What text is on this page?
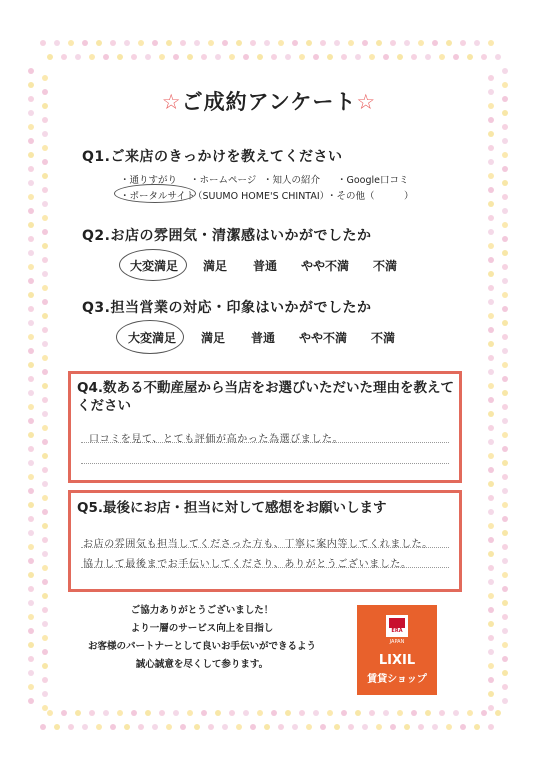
☆ご成約アンケート☆
Q1.ご来店のきっかけを教えてください
・通りすがり ・ホームページ ・知人の紹介 ・Google口コミ
・ポータルサイト
（SUUMO HOME'S CHINTAI）
・その他（	）
Q2.お店の雰囲気・清潔感はいかがでしたか
大変満足 満足 普通 やや不満 不満
Q3.担当営業の対応・印象はいかがでしたか
大変満足 満足 普通 やや不満 不満
Q4.数ある不動産屋から当店をお選びいただいた理由を教えて
ください
口コミを見て、とても評価が高かった為選びました。
Q5.最後にお店・担当に対して感想をお願いします
お店の雰囲気も担当してくださった方も、丁寧に案内等してくれました。
協力して最後までお手伝いしてくださり、ありがとうございました。
ご協力ありがとうございました！
より一層のサービス向上を目指し
お客様のパートナーとして良いお手伝いができるよう
誠心誠意を尽くして参ります。
ERA
JAPAN
LIXIL
賃貸ショップ
